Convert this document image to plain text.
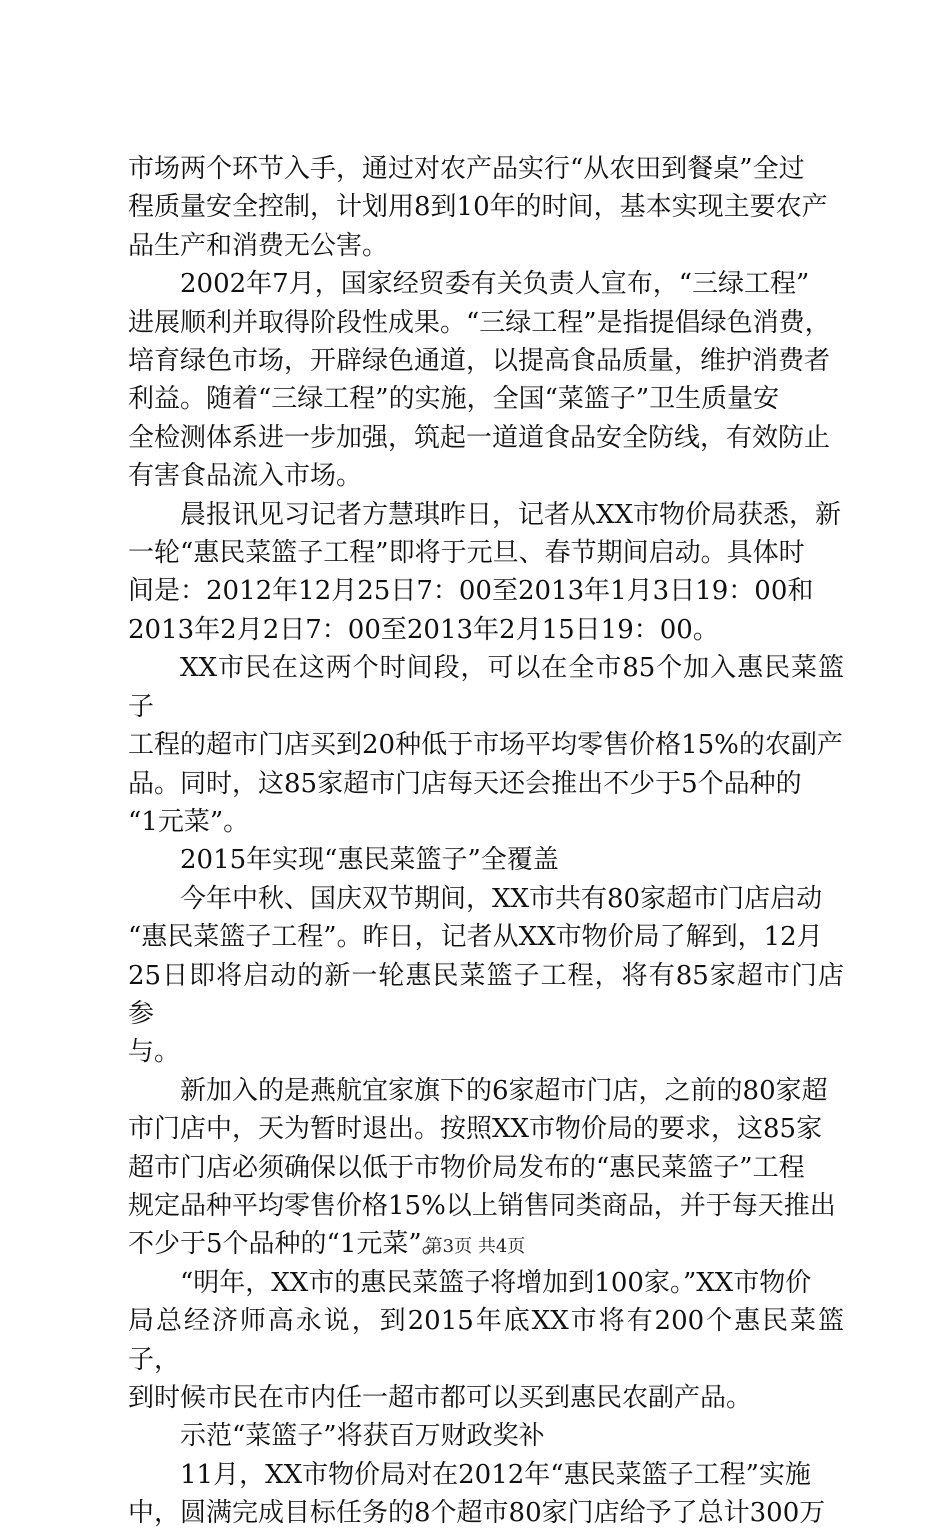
市场两个环节入手，通过对农产品实行“从农田到餐桌”全过
程质量安全控制，计划用8到10年的时间，基本实现主要农产
品生产和消费无公害。

2002年7月，国家经贸委有关负责人宣布，“三绿工程”
进展顺利并取得阶段性成果。“三绿工程”是指提倡绿色消费，
培育绿色市场，开辟绿色通道，以提高食品质量，维护消费者
利益。随着“三绿工程”的实施，全国“菜篮子”卫生质量安
全检测体系进一步加强，筑起一道道食品安全防线，有效防止
有害食品流入市场。

晨报讯见习记者方慧琪昨日，记者从XX市物价局获悉，新
一轮“惠民菜篮子工程”即将于元旦、春节期间启动。具体时
间是：2012年12月25日7：00至2013年1月3日19：00和
2013年2月2日7：00至2013年2月15日19：00。

XX市民在这两个时间段，可以在全市85个加入惠民菜篮子
工程的超市门店买到20种低于市场平均零售价格15%的农副产
品。同时，这85家超市门店每天还会推出不少于5个品种的
“1元菜”。

2015年实现“惠民菜篮子”全覆盖

今年中秋、国庆双节期间，XX市共有80家超市门店启动
“惠民菜篮子工程”。昨日，记者从XX市物价局了解到，12月
25日即将启动的新一轮惠民菜篮子工程，将有85家超市门店参
与。

新加入的是燕航宜家旗下的6家超市门店，之前的80家超
市门店中，天为暂时退出。按照XX市物价局的要求，这85家
超市门店必须确保以低于市物价局发布的“惠民菜篮子”工程
规定品种平均零售价格15%以上销售同类商品，并于每天推出
不少于5个品种的“1元菜”。

“明年，XX市的惠民菜篮子将增加到100家。”XX市物价
局总经济师高永说，到2015年底XX市将有200个惠民菜篮子，
到时候市民在市内任一超市都可以买到惠民农副产品。

示范“菜篮子”将获百万财政奖补

11月，XX市物价局对在2012年“惠民菜篮子工程”实施
中，圆满完成目标任务的8个超市80家门店给予了总计300万

第3页 共4页
